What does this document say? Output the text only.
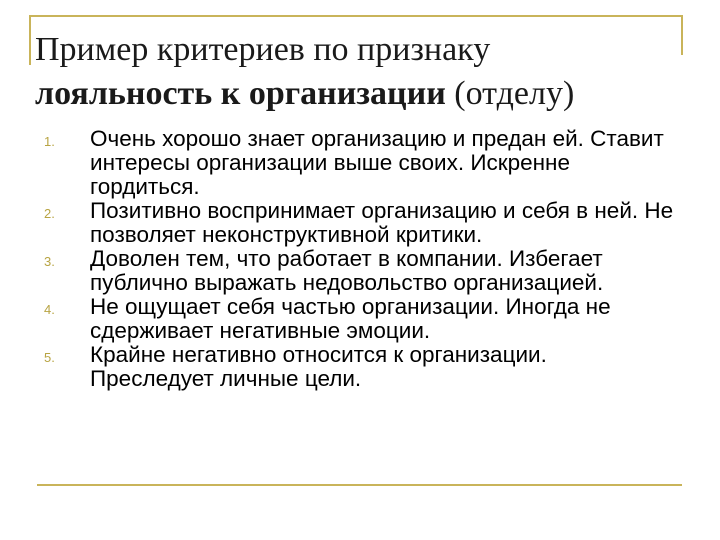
Пример критериев по признаку
лояльность к организации (отделу)
1.	Очень хорошо знает организацию и предан ей. Ставит интересы организации выше своих. Искренне гордиться.
2.	Позитивно воспринимает организацию и себя в ней. Не позволяет неконструктивной критики.
3.	Доволен тем, что работает в компании. Избегает публично выражать недовольство организацией.
4.	Не ощущает себя частью организации. Иногда не сдерживает негативные эмоции.
5.	Крайне негативно относится к организации. Преследует личные цели.
